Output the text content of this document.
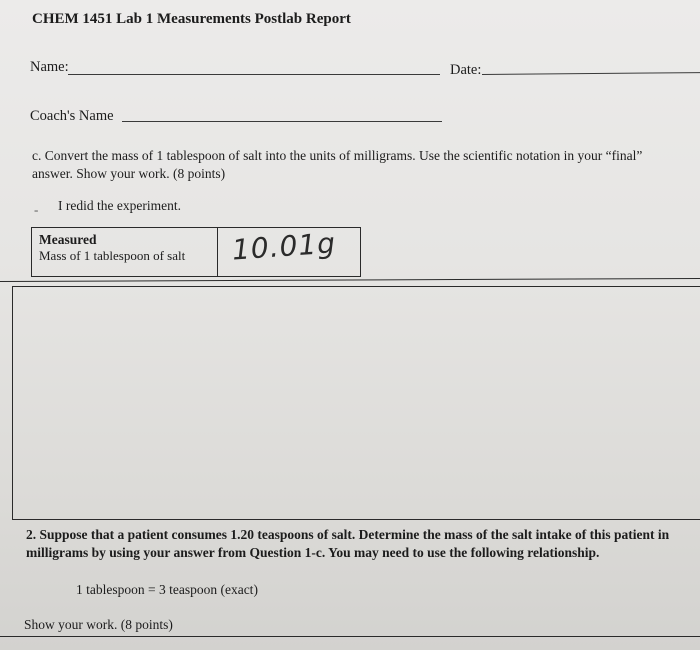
CHEM 1451 Lab 1 Measurements Postlab Report
Name:	Date:
Coach's Name
c. Convert the mass of 1 tablespoon of salt into the units of milligrams. Use the scientific notation in your “final”
answer. Show your work. (8 points)
- I redid the experiment.
Measured
Mass of 1 tablespoon of salt 10.01g
2. Suppose that a patient consumes 1.20 teaspoons of salt. Determine the mass of the salt intake of this patient in
milligrams by using your answer from Question 1-c. You may need to use the following relationship.
1 tablespoon = 3 teaspoon (exact)
Show your work. (8 points)
